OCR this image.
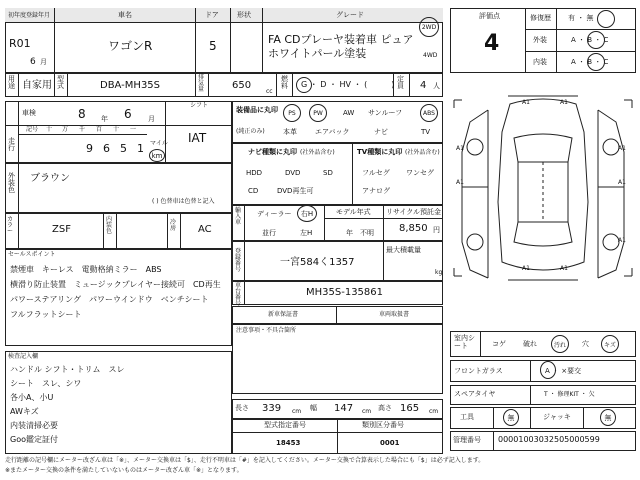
初年度登録年月
R01
6 月
車名
ワゴンR
ドア
5
形状	グレード
FA CDプレーヤ装着車 ピュア
ホワイトパール塗装
2WD
4WD
用途 自家用
型式	DBA-MH35S
排気量	650
cc
燃料 G ・ D ・ HV ・ (　　　)
定員 4 人
評価点
4
修復歴 有 ・ 無
外装	A ・ B ・ C
内装	A ・ B ・ C
車検	8 年 6 月
シフト
IAT
走行
記号 十 万 千 百 十 一
9 6 5 1 マイル
km
外装色
ブラウン
( ) 色替車は色替と記入
カラー	ZSF
内装色
冷房 AC
セールスポイント
禁煙車　キーレス　電動格納ミラー　ABS
横滑り防止装置　ミュージックプレイヤー接続可　CD再生
パワーステアリング　パワーウインドウ　ベンチシート
フルフラットシート
検査記入欄
ハンドル シフト・トリム　スレ
シート　スレ、シワ
各小A、小U
AWキズ
内装清掃必要
Goo鑑定証付
装備品に丸印
(純正のみ)
PS	PW	AW サンルーフ	ABS
本革	エアバック	ナビ	TV
ナビ種類に丸印 (社外品含む)
HDD	DVD	SD
CD	DVD再生可
TV種類に丸印 (社外品含む)
フルセグ ワンセグ
アナログ
輸入車
ディーラー
並行
右H
左H
モデル年式
年　不明
リサイクル預託金
8,850 円
登録番号
一宮584く1357
最大積載量
kg
車台番号
MH35S-135861
新車保証書	車両取扱書
注意事項・不具合箇所
長さ 339 cm 幅 147 cm 高さ 165 cm
型式指定番号
18453
類別区分番号
0001
A1	A1
A1
A1
A1
A1
A1	A1
A1
室内シート	コゲ 破れ	汚れ	穴	キズ
フロントガラス	A ・ ×要交
スペアタイヤ	T ・ 修理KIT ・ 欠
工具	無	ジャッキ	無
管理番号 00001003032505000599
走行距離の記号欄にメーター改ざん車は「※」、メーター交換車は「$」、走行不明車は「#」を記入してください。メーター交換で合算表示した場合にも「$」は必ず記入します。
※またメーター交換の条件を満たしていないものはメーター改ざん車「※」となります。
